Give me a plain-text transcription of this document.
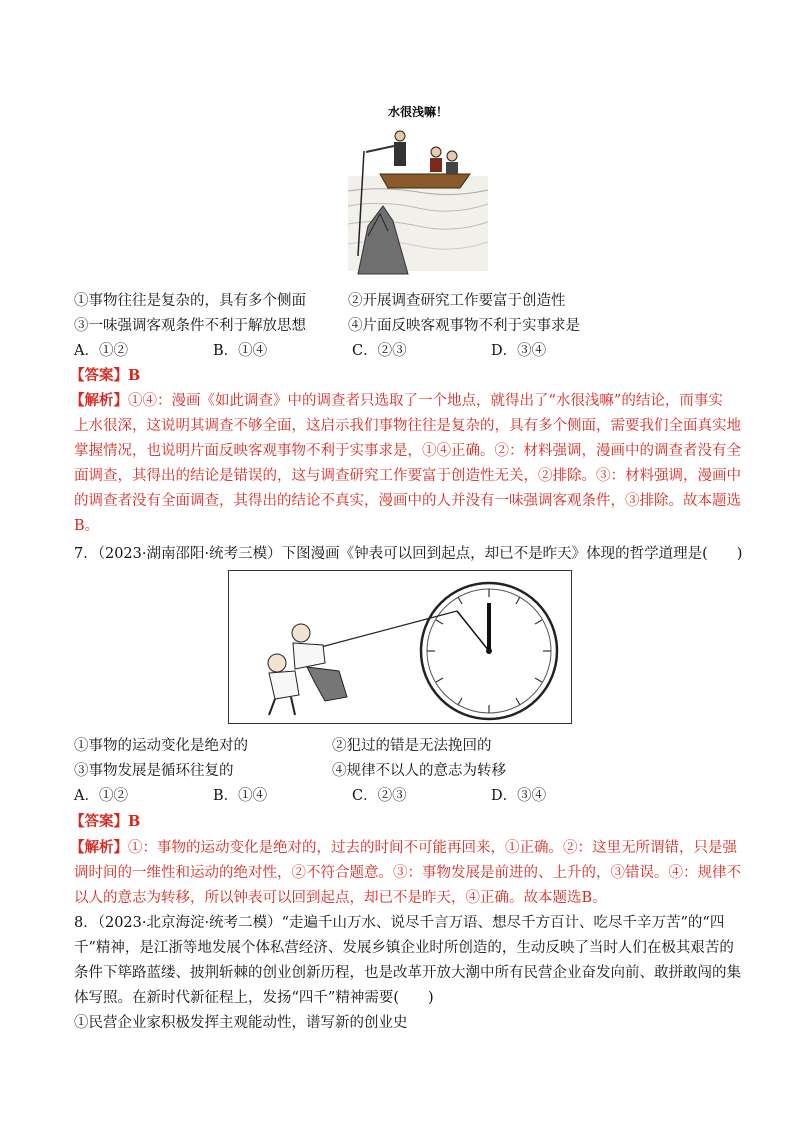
水很浅嘛！
①事物往往是复杂的，具有多个侧面	②开展调查研究工作要富于创造性
③一味强调客观条件不利于解放思想	④片面反映客观事物不利于实事求是
A．①②	B．①④	C．②③	D．③④
【答案】B
【解析】①④：漫画《如此调查》中的调查者只选取了一个地点，就得出了“水很浅嘛”的结论，而事实
上水很深，这说明其调查不够全面，这启示我们事物往往是复杂的，具有多个侧面，需要我们全面真实地
掌握情况，也说明片面反映客观事物不利于实事求是，①④正确。②：材料强调，漫画中的调查者没有全
面调查，其得出的结论是错误的，这与调查研究工作要富于创造性无关，②排除。③：材料强调，漫画中
的调查者没有全面调查，其得出的结论不真实，漫画中的人并没有一味强调客观条件，③排除。故本题选
B。
7．（2023·湖南邵阳·统考三模）下图漫画《钟表可以回到起点，却已不是昨天》体现的哲学道理是(　　)
①事物的运动变化是绝对的	②犯过的错是无法挽回的
③事物发展是循环往复的	④规律不以人的意志为转移
A．①②	B．①④	C．②③	D．③④
【答案】B
【解析】①：事物的运动变化是绝对的，过去的时间不可能再回来，①正确。②：这里无所谓错，只是强
调时间的一维性和运动的绝对性，②不符合题意。③：事物发展是前进的、上升的，③错误。④：规律不
以人的意志为转移，所以钟表可以回到起点，却已不是昨天，④正确。故本题选B。
8．（2023·北京海淀·统考二模）“走遍千山万水、说尽千言万语、想尽千方百计、吃尽千辛万苦”的“四
千”精神，是江浙等地发展个体私营经济、发展乡镇企业时所创造的，生动反映了当时人们在极其艰苦的
条件下筚路蓝缕、披荆斩棘的创业创新历程，也是改革开放大潮中所有民营企业奋发向前、敢拼敢闯的集
体写照。在新时代新征程上，发扬“四千”精神需要(　　)
①民营企业家积极发挥主观能动性，谱写新的创业史
